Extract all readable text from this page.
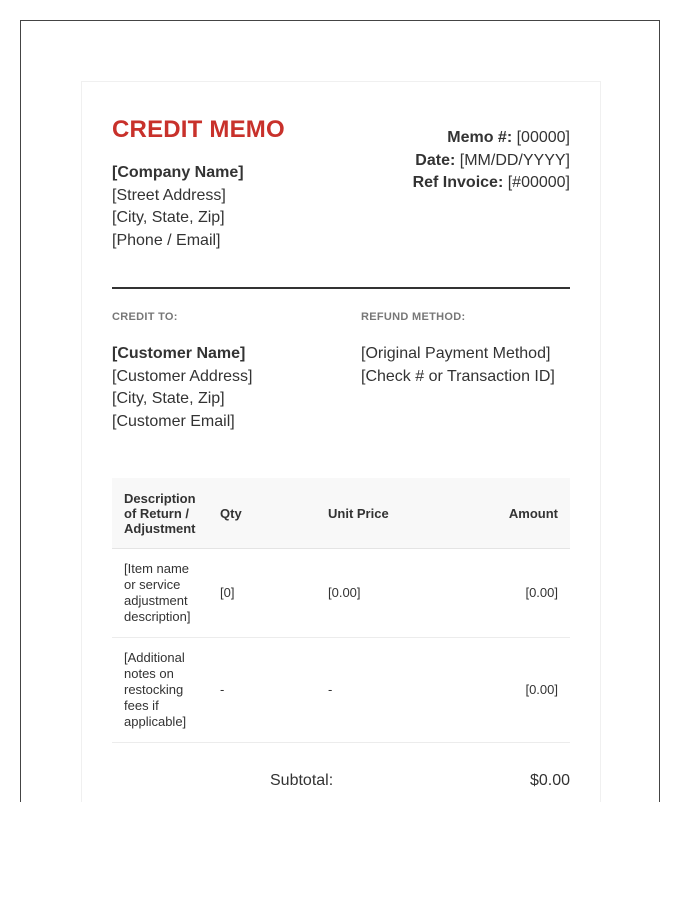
CREDIT MEMO
[Company Name]
[Street Address]
[City, State, Zip]
[Phone / Email]
Memo #: [00000]
Date: [MM/DD/YYYY]
Ref Invoice: [#00000]
CREDIT TO:	REFUND METHOD:
[Customer Name]
[Customer Address]
[City, State, Zip]
[Customer Email]
[Original Payment Method]
[Check # or Transaction ID]
Description of Return / Adjustment	Qty	Unit Price	Amount
[Item name or service adjustment description]	[0]	[0.00]	[0.00]
[Additional notes on restocking fees if applicable]	-	-	[0.00]
Subtotal:	$0.00
